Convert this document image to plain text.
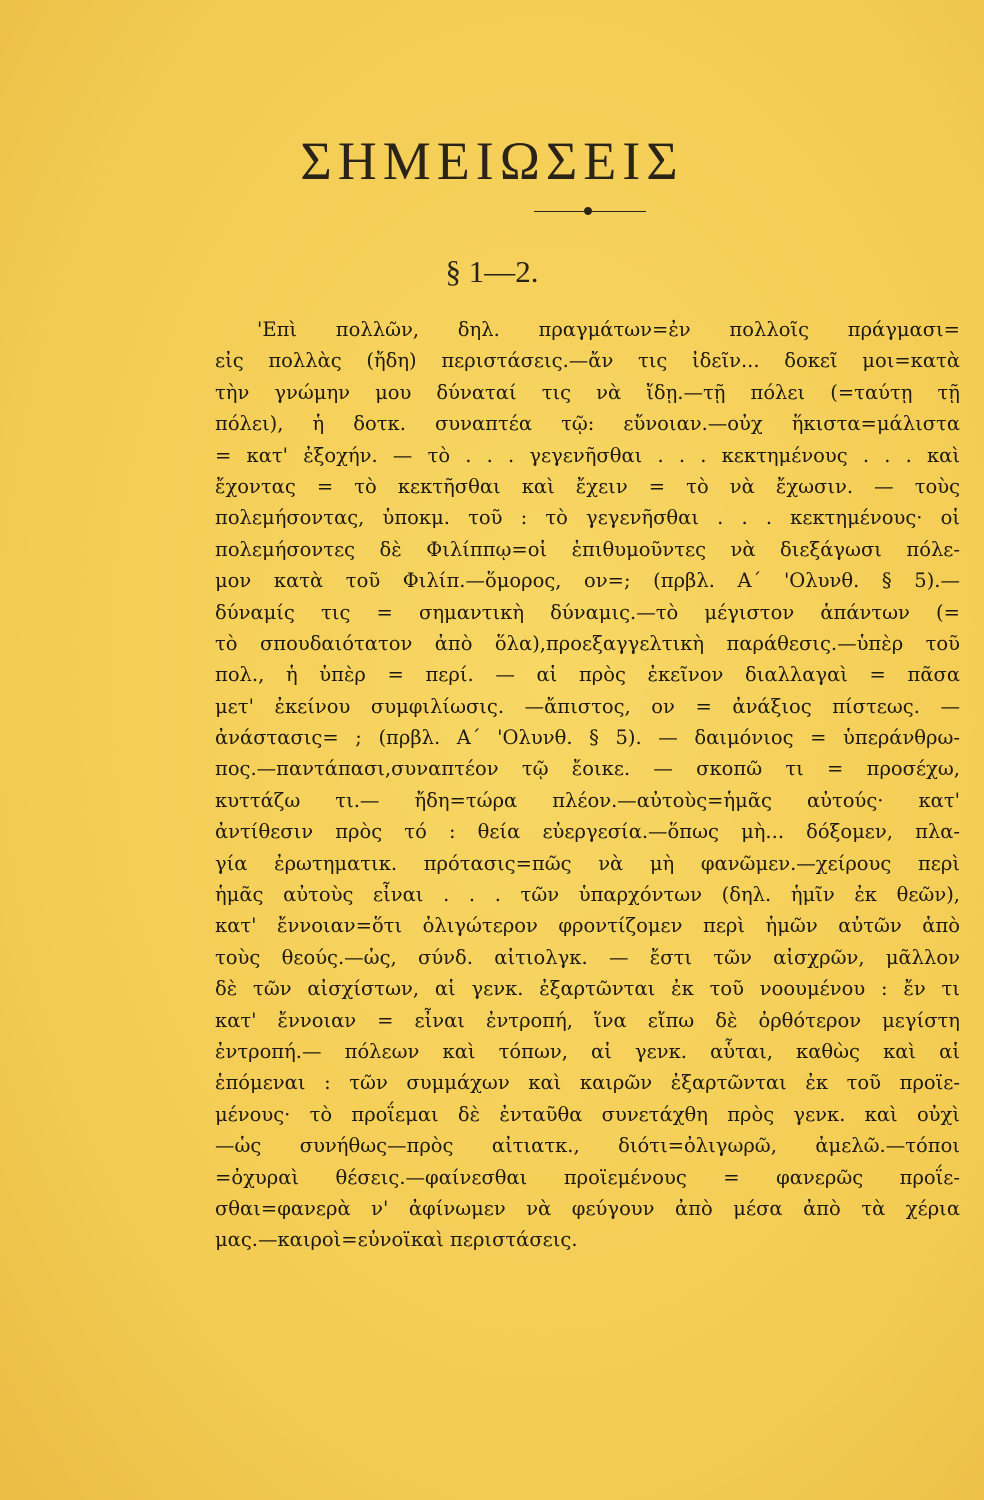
ΣΗΜΕΙΩΣΕΙΣ
§ 1—2.
'Επὶ πολλῶν, δηλ. πραγμάτων=ἐν πολλοῖς πράγμασι=
εἰς πολλὰς (ἤδη) περιστάσεις.—ἄν τις ἰδεῖν... δοκεῖ μοι=κατὰ
τὴν γνώμην μου δύναταί τις νὰ ἴδῃ.—τῇ πόλει (=ταύτῃ τῇ
πόλει), ἡ δοτκ. συναπτέα τῷ: εὔνοιαν.—οὐχ ἥκιστα=μάλιστα
= κατ' ἐξοχήν. — τὸ . . . γεγενῆσθαι . . . κεκτημένους . . . καὶ
ἔχοντας = τὸ κεκτῆσθαι καὶ ἔχειν = τὸ νὰ ἔχωσιν. — τοὺς
πολεμήσοντας, ὑποκμ. τοῦ : τὸ γεγενῆσθαι . . . κεκτημένους· οἱ
πολεμήσοντες δὲ Φιλίππῳ=οἱ ἐπιθυμοῦντες νὰ διεξάγωσι πόλε-
μον κατὰ τοῦ Φιλίπ.—ὅμορος, ον=; (πρβλ. Α΄ 'Ολυνθ. § 5).—
δύναμίς τις = σημαντικὴ δύναμις.—τὸ μέγιστον ἁπάντων (=
τὸ σπουδαιότατον ἀπὸ ὅλα),προεξαγγελτικὴ παράθεσις.—ὑπὲρ τοῦ
πολ., ἡ ὑπὲρ = περί. — αἱ πρὸς ἐκεῖνον διαλλαγαὶ = πᾶσα
μετ' ἐκείνου συμφιλίωσις. —ἄπιστος, ον = ἀνάξιος πίστεως. —
ἀνάστασις= ; (πρβλ. Α΄ 'Ολυνθ. § 5). — δαιμόνιος = ὑπεράνθρω-
πος.—παντάπασι,συναπτέον τῷ ἔοικε. — σκοπῶ τι = προσέχω,
κυττάζω τι.— ἤδη=τώρα πλέον.—αὐτοὺς=ἡμᾶς αὐτούς· κατ'
ἀντίθεσιν πρὸς τό : θεία εὐεργεσία.—ὅπως μὴ... δόξομεν, πλα-
γία ἐρωτηματικ. πρότασις=πῶς νὰ μὴ φανῶμεν.—χείρους περὶ
ἡμᾶς αὐτοὺς εἶναι . . . τῶν ὑπαρχόντων (δηλ. ἡμῖν ἐκ θεῶν),
κατ' ἔννοιαν=ὅτι ὀλιγώτερον φροντίζομεν περὶ ἡμῶν αὐτῶν ἀπὸ
τοὺς θεούς.—ὡς, σύνδ. αἰτιολγκ. — ἔστι τῶν αἰσχρῶν, μᾶλλον
δὲ τῶν αἰσχίστων, αἱ γενκ. ἐξαρτῶνται ἐκ τοῦ νοουμένου : ἔν τι
κατ' ἔννοιαν = εἶναι ἐντροπή, ἵνα εἴπω δὲ ὀρθότερον μεγίστη
ἐντροπή.— πόλεων καὶ τόπων, αἱ γενκ. αὗται, καθὼς καὶ αἱ
ἑπόμεναι : τῶν συμμάχων καὶ καιρῶν ἐξαρτῶνται ἐκ τοῦ προϊε-
μένους· τὸ προΐεμαι δὲ ἐνταῦθα συνετάχθη πρὸς γενκ. καὶ οὐχὶ
—ὡς συνήθως—πρὸς αἰτιατκ., διότι=ὀλιγωρῶ, ἀμελῶ.—τόποι
=ὀχυραὶ θέσεις.—φαίνεσθαι προϊεμένους = φανερῶς προΐε-
σθαι=φανερὰ ν' ἀφίνωμεν νὰ φεύγουν ἀπὸ μέσα ἀπὸ τὰ χέρια
μας.—καιροὶ=εὐνοϊκαὶ περιστάσεις.
